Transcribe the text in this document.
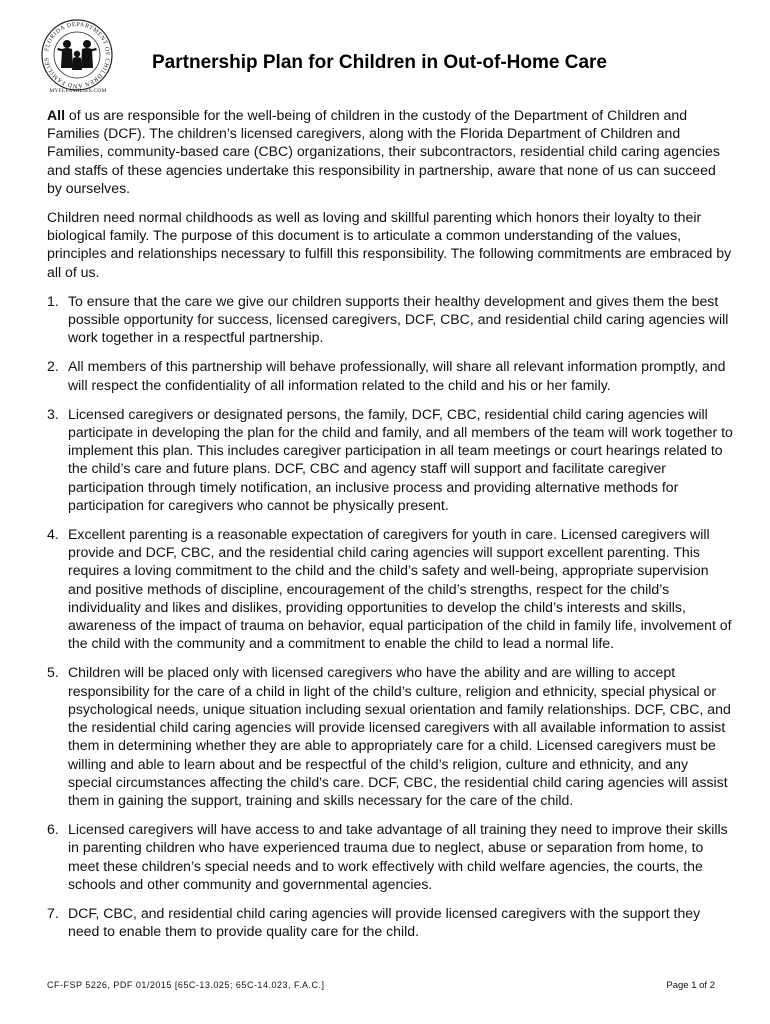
FLORIDA DEPARTMENT OF CHILDREN AND FAMILIES
MYFLFAMILIES.COM
Partnership Plan for Children in Out-of-Home Care

All of us are responsible for the well-being of children in the custody of the Department of Children and Families (DCF). The children’s licensed caregivers, along with the Florida Department of Children and Families, community-based care (CBC) organizations, their subcontractors, residential child caring agencies and staffs of these agencies undertake this responsibility in partnership, aware that none of us can succeed by ourselves.

Children need normal childhoods as well as loving and skillful parenting which honors their loyalty to their biological family. The purpose of this document is to articulate a common understanding of the values, principles and relationships necessary to fulfill this responsibility. The following commitments are embraced by all of us.

1. To ensure that the care we give our children supports their healthy development and gives them the best possible opportunity for success, licensed caregivers, DCF, CBC, and residential child caring agencies will work together in a respectful partnership.
2. All members of this partnership will behave professionally, will share all relevant information promptly, and will respect the confidentiality of all information related to the child and his or her family.
3. Licensed caregivers or designated persons, the family, DCF, CBC, residential child caring agencies will participate in developing the plan for the child and family, and all members of the team will work together to implement this plan. This includes caregiver participation in all team meetings or court hearings related to the child’s care and future plans. DCF, CBC and agency staff will support and facilitate caregiver participation through timely notification, an inclusive process and providing alternative methods for participation for caregivers who cannot be physically present.
4. Excellent parenting is a reasonable expectation of caregivers for youth in care. Licensed caregivers will provide and DCF, CBC, and the residential child caring agencies will support excellent parenting. This requires a loving commitment to the child and the child’s safety and well-being, appropriate supervision and positive methods of discipline, encouragement of the child’s strengths, respect for the child’s individuality and likes and dislikes, providing opportunities to develop the child’s interests and skills, awareness of the impact of trauma on behavior, equal participation of the child in family life, involvement of the child with the community and a commitment to enable the child to lead a normal life.
5. Children will be placed only with licensed caregivers who have the ability and are willing to accept responsibility for the care of a child in light of the child’s culture, religion and ethnicity, special physical or psychological needs, unique situation including sexual orientation and family relationships. DCF, CBC, and the residential child caring agencies will provide licensed caregivers with all available information to assist them in determining whether they are able to appropriately care for a child. Licensed caregivers must be willing and able to learn about and be respectful of the child’s religion, culture and ethnicity, and any special circumstances affecting the child's care. DCF, CBC, the residential child caring agencies will assist them in gaining the support, training and skills necessary for the care of the child.
6. Licensed caregivers will have access to and take advantage of all training they need to improve their skills in parenting children who have experienced trauma due to neglect, abuse or separation from home, to meet these children’s special needs and to work effectively with child welfare agencies, the courts, the schools and other community and governmental agencies.
7. DCF, CBC, and residential child caring agencies will provide licensed caregivers with the support they need to enable them to provide quality care for the child.
CF-FSP 5226, PDF 01/2015 [65C-13.025; 65C-14.023, F.A.C.]	Page 1 of 2
